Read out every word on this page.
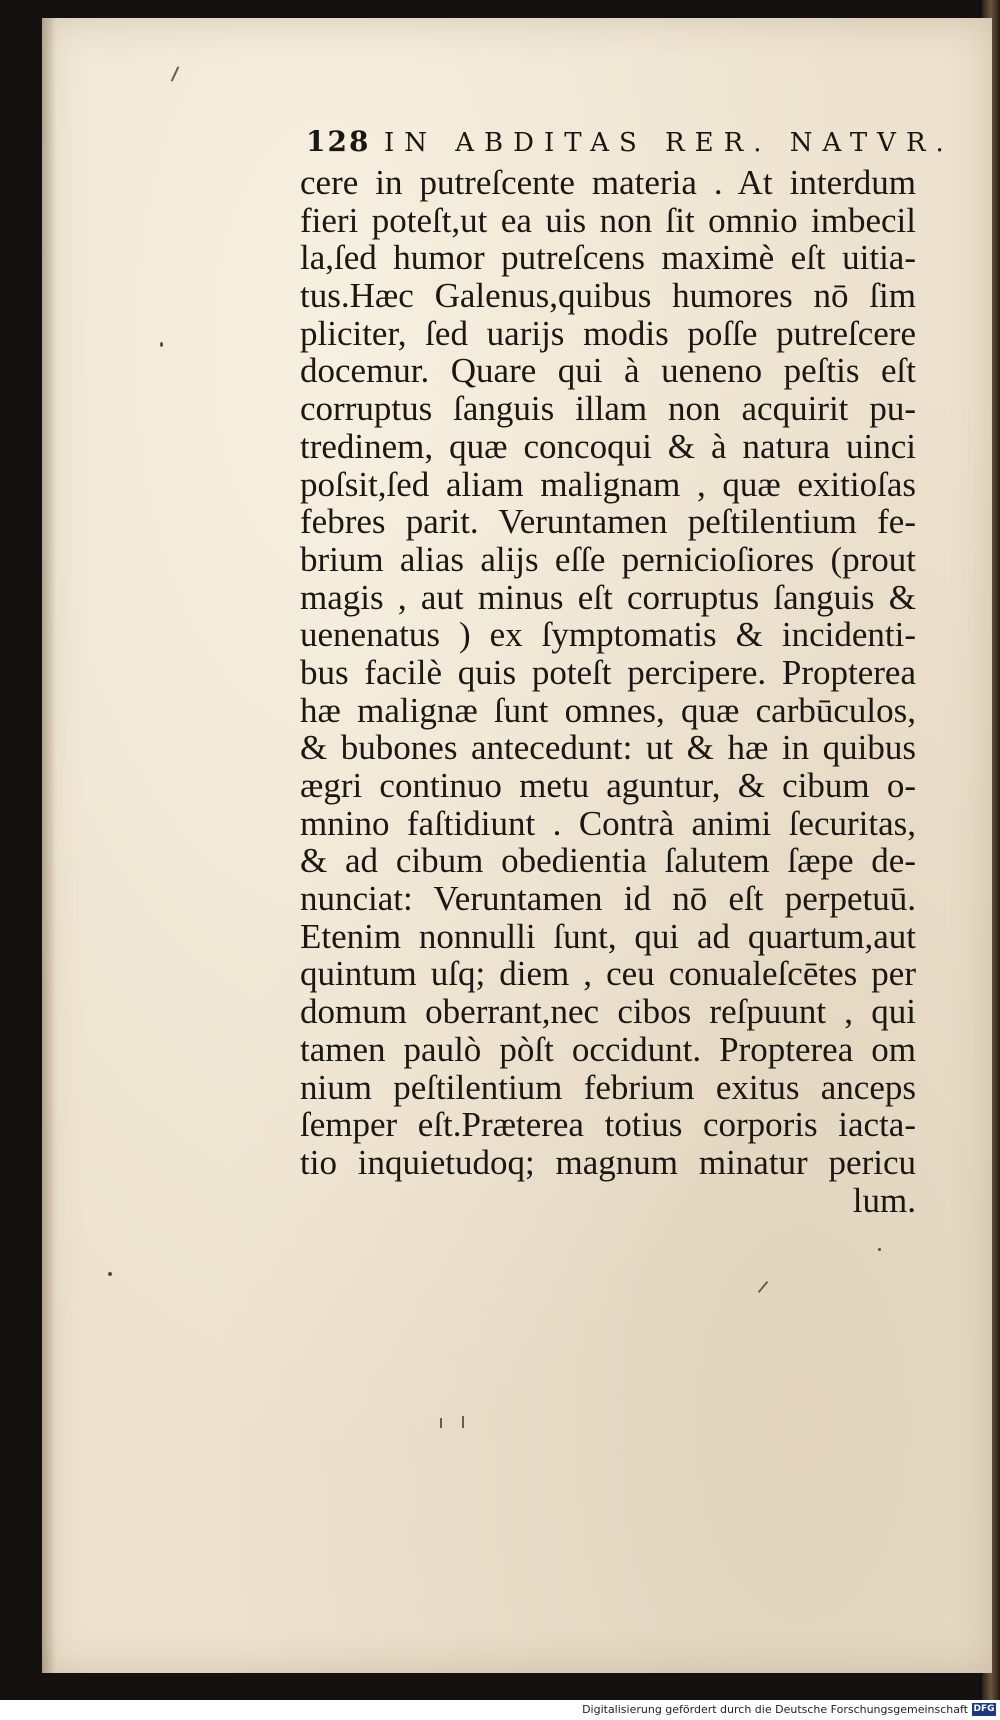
128 IN ABDITAS RER. NATVR.
cere in putreſcente materia . At interdum
fieri poteſt,ut ea uis non ſit omnio imbecil
la,ſed humor putreſcens maximè eſt uitia-
tus.Hæc Galenus,quibus humores nō ſim
pliciter, ſed uarijs modis poſſe putreſcere
docemur. Quare qui à ueneno peſtis eſt
corruptus ſanguis illam non acquirit pu-
tredinem, quæ concoqui & à natura uinci
poſsit,ſed aliam malignam , quæ exitioſas
febres parit. Veruntamen peſtilentium fe-
brium alias alijs eſſe pernicioſiores (prout
magis , aut minus eſt corruptus ſanguis &
uenenatus ) ex ſymptomatis & incidenti-
bus facilè quis poteſt percipere. Propterea
hæ malignæ ſunt omnes, quæ carbūculos,
& bubones antecedunt: ut & hæ in quibus
ægri continuo metu aguntur, & cibum o-
mnino faſtidiunt . Contrà animi ſecuritas,
& ad cibum obedientia ſalutem ſæpe de-
nunciat: Veruntamen id nō eſt perpetuū.
Etenim nonnulli ſunt, qui ad quartum,aut
quintum uſq; diem , ceu conualeſcētes per
domum oberrant,nec cibos reſpuunt , qui
tamen paulò pòſt occidunt. Propterea om
nium peſtilentium febrium exitus anceps
ſemper eſt.Præterea totius corporis iacta-
tio inquietudoq; magnum minatur pericu
lum.
Digitalisierung gefördert durch die Deutsche Forschungsgemeinschaft DFG
